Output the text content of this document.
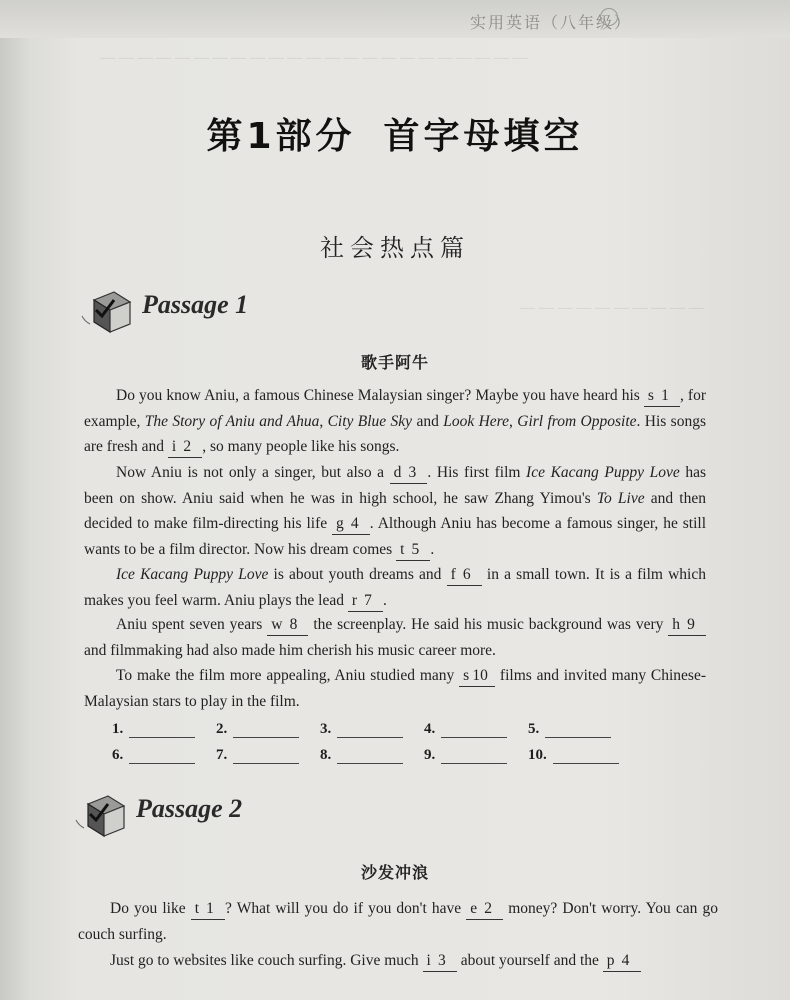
实用英语（八年级）
— — — — — — — — — — — — — — — — — — — — — — —
— — — — — — — — — —
第1部分 首字母填空
社会热点篇
Passage 1
歌手阿牛
Do you know Aniu, a famous Chinese Malaysian singer? Maybe you have heard his s 1 , for example, The Story of Aniu and Ahua, City Blue Sky and Look Here, Girl from Opposite. His songs are fresh and i 2 , so many people like his songs.
Now Aniu is not only a singer, but also a d 3 . His first film Ice Kacang Puppy Love has been on show. Aniu said when he was in high school, he saw Zhang Yimou's To Live and then decided to make film-directing his life g 4 . Although Aniu has become a famous singer, he still wants to be a film director. Now his dream comes t 5 .
Ice Kacang Puppy Love is about youth dreams and f 6 in a small town. It is a film which makes you feel warm. Aniu plays the lead r 7 .
Aniu spent seven years w 8 the screenplay. He said his music background was very h 9 and filmmaking had also made him cherish his music career more.
To make the film more appealing, Aniu studied many s 10 films and invited many Chinese-Malaysian stars to play in the film.
1.	2.	3.	4.	5.
6.	7.	8.	9.	10.
Passage 2
沙发冲浪
Do you like t 1 ? What will you do if you don't have e 2 money? Don't worry. You can go couch surfing.
Just go to websites like couch surfing. Give much i 3 about yourself and the p 4
